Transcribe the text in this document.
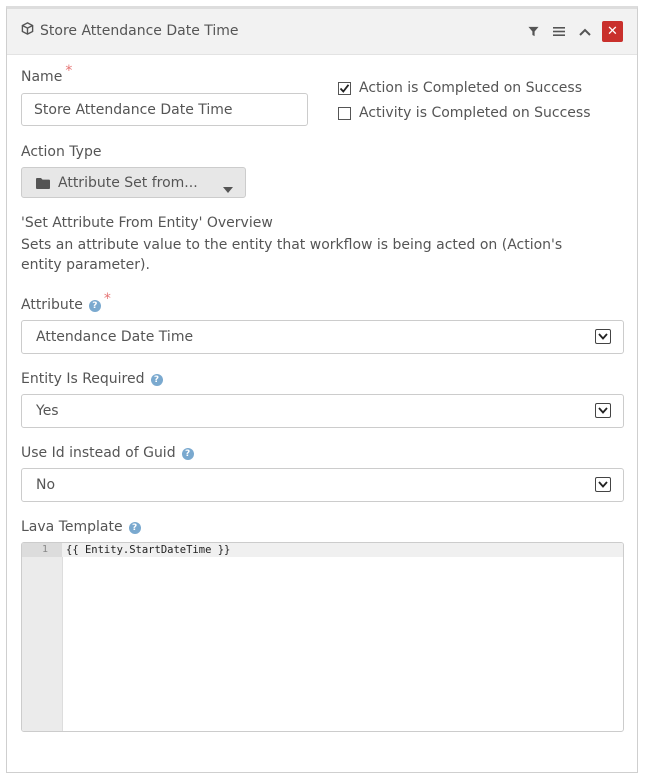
Store Attendance Date Time	✕
Name *
Store Attendance Date Time
Action is Completed on Success
Activity is Completed on Success
Action Type
Attribute Set from...
'Set Attribute From Entity' Overview
Sets an attribute value to the entity that workflow is being acted on (Action's entity parameter).
Attribute ? *
Attendance Date Time
Entity Is Required ?
Yes
Use Id instead of Guid ?
No
Lava Template ?
1 {{ Entity.StartDateTime }}
